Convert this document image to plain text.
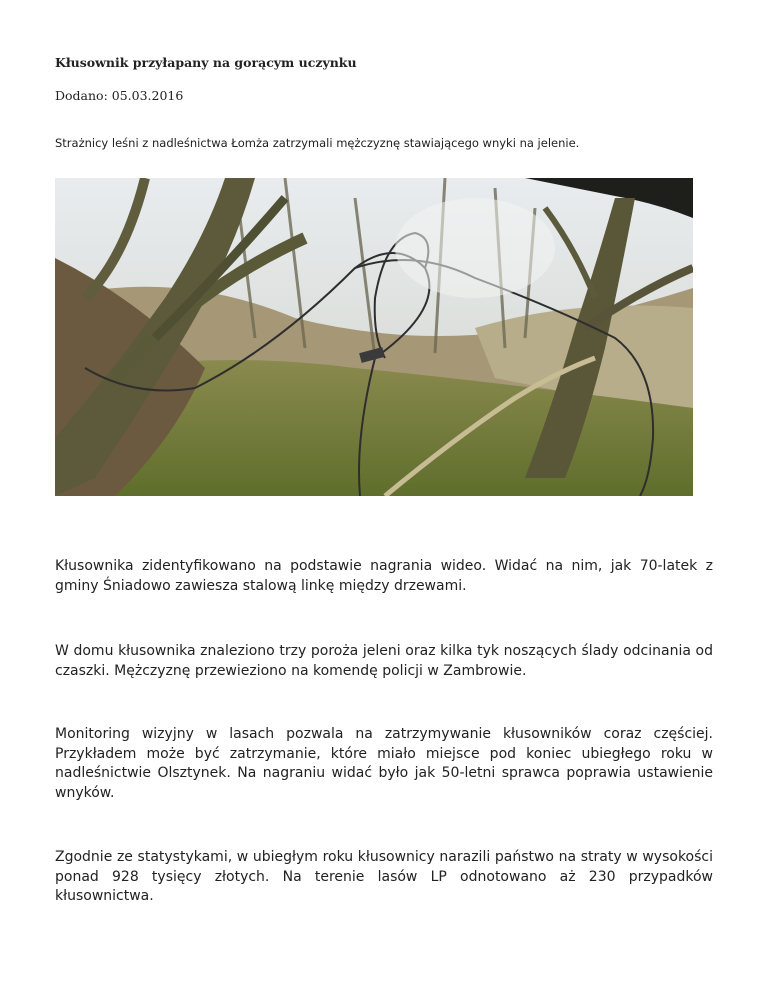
Kłusownik przyłapany na gorącym uczynku
Dodano: 05.03.2016
Strażnicy leśni z nadleśnictwa Łomża zatrzymali mężczyznę stawiającego wnyki na jelenie.

Kłusownika zidentyfikowano na podstawie nagrania wideo. Widać na nim, jak 70-latek z gminy Śniadowo zawiesza stalową linkę między drzewami.

W domu kłusownika znaleziono trzy poroża jeleni oraz kilka tyk noszących ślady odcinania od czaszki. Mężczyznę przewieziono na komendę policji w Zambrowie.

Monitoring wizyjny w lasach pozwala na zatrzymywanie kłusowników coraz częściej. Przykładem może być zatrzymanie, które miało miejsce pod koniec ubiegłego roku w nadleśnictwie Olsztynek. Na nagraniu widać było jak 50-letni sprawca poprawia ustawienie wnyków.

Zgodnie ze statystykami, w ubiegłym roku kłusownicy narazili państwo na straty w wysokości ponad 928 tysięcy złotych. Na terenie lasów LP odnotowano aż 230 przypadków kłusownictwa.
